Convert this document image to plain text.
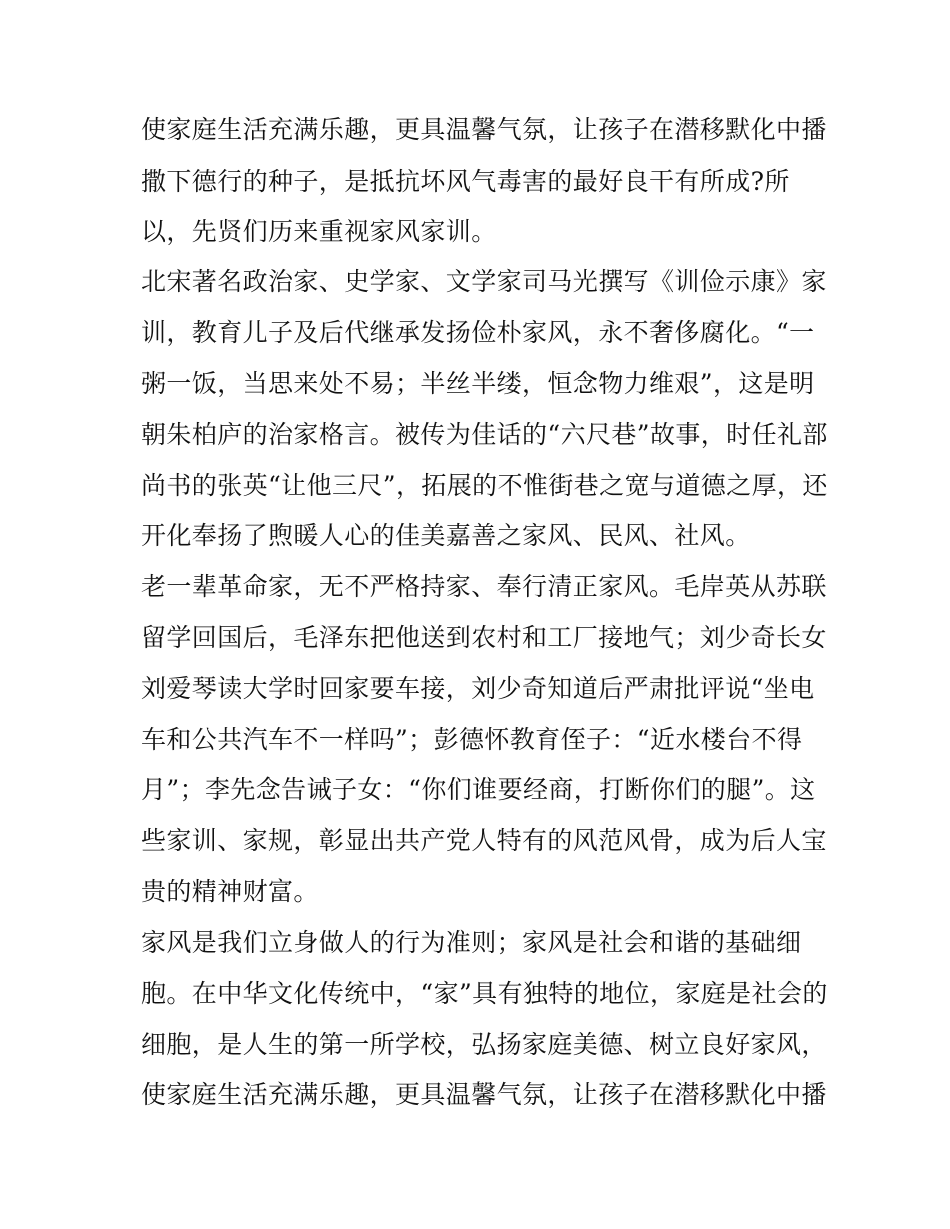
使家庭生活充满乐趣，更具温馨气氛，让孩子在潜移默化中播
撒下德行的种子，是抵抗坏风气毒害的最好良干有所成?所
以，先贤们历来重视家风家训。
北宋著名政治家、史学家、文学家司马光撰写《训俭示康》家
训，教育儿子及后代继承发扬俭朴家风，永不奢侈腐化。“一
粥一饭，当思来处不易；半丝半缕，恒念物力维艰”，这是明
朝朱柏庐的治家格言。被传为佳话的“六尺巷”故事，时任礼部
尚书的张英“让他三尺”，拓展的不惟街巷之宽与道德之厚，还
开化奉扬了煦暖人心的佳美嘉善之家风、民风、社风。
老一辈革命家，无不严格持家、奉行清正家风。毛岸英从苏联
留学回国后，毛泽东把他送到农村和工厂接地气；刘少奇长女
刘爱琴读大学时回家要车接，刘少奇知道后严肃批评说“坐电
车和公共汽车不一样吗”；彭德怀教育侄子：“近水楼台不得
月”；李先念告诫子女：“你们谁要经商，打断你们的腿”。这
些家训、家规，彰显出共产党人特有的风范风骨，成为后人宝
贵的精神财富。
家风是我们立身做人的行为准则；家风是社会和谐的基础细
胞。在中华文化传统中，“家”具有独特的地位，家庭是社会的
细胞，是人生的第一所学校，弘扬家庭美德、树立良好家风，
使家庭生活充满乐趣，更具温馨气氛，让孩子在潜移默化中播
